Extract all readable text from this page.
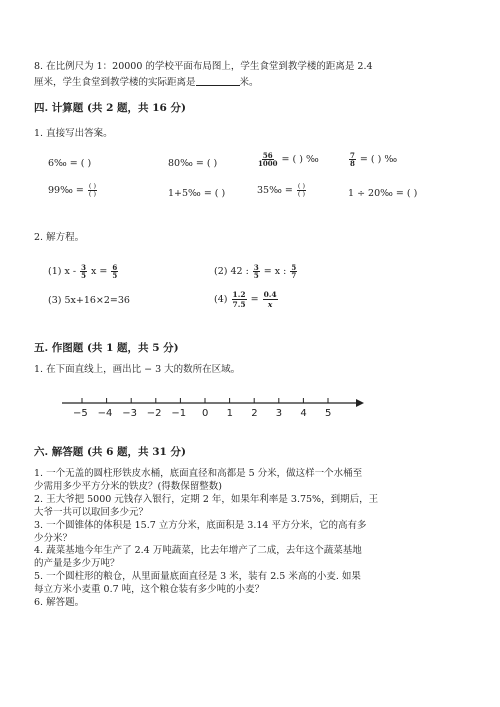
8. 在比例尺为 1：20000 的学校平面布局图上，学生食堂到教学楼的距离是 2.4
厘米，学生食堂到教学楼的实际距离是	米。
四. 计算题 (共 2 题，共 16 分)
1. 直接写出答案。
6‰ = ( )	80‰ = ( )	$\frac{56}{1000}$ = ( ) ‰	$\frac{7}{8}$ = ( ) ‰
99‰ = $\frac{( )}{( )}$	1+5‰ = ( )	35‰ = $\frac{( )}{( )}$	1 ÷ 20‰ = ( )
2. 解方程。
(1) x - $\frac{3}{5}$ $x = \frac{6}{5}$	(2) 42 : $\frac{3}{5} = x$ : $\frac{5}{7}$
(3) 5x+16×2=36	$(4) \frac{1.2}{7.5} = \frac{0.4}{x}$
五. 作图题 (共 1 题，共 5 分)
1. 在下面直线上，画出比 − 3 大的数所在区域。
−5 −4 −3 −2 −1 0 1 2 3 4 5
六. 解答题 (共 6 题，共 31 分)
1. 一个无盖的圆柱形铁皮水桶，底面直径和高都是 5 分米，做这样一个水桶至
少需用多少平方分米的铁皮？(得数保留整数)
2. 王大爷把 5000 元钱存入银行，定期 2 年，如果年利率是 3.75%，到期后，王
大爷一共可以取回多少元？
3. 一个圆锥体的体积是 15.7 立方分米，底面积是 3.14 平方分米，它的高有多
少分米？
4. 蔬菜基地今年生产了 2.4 万吨蔬菜，比去年增产了二成，去年这个蔬菜基地
的产量是多少万吨？
5. 一个圆柱形的粮仓，从里面量底面直径是 3 米，装有 2.5 米高的小麦. 如果
每立方米小麦重 0.7 吨，这个粮仓装有多少吨的小麦？
6. 解答题。
